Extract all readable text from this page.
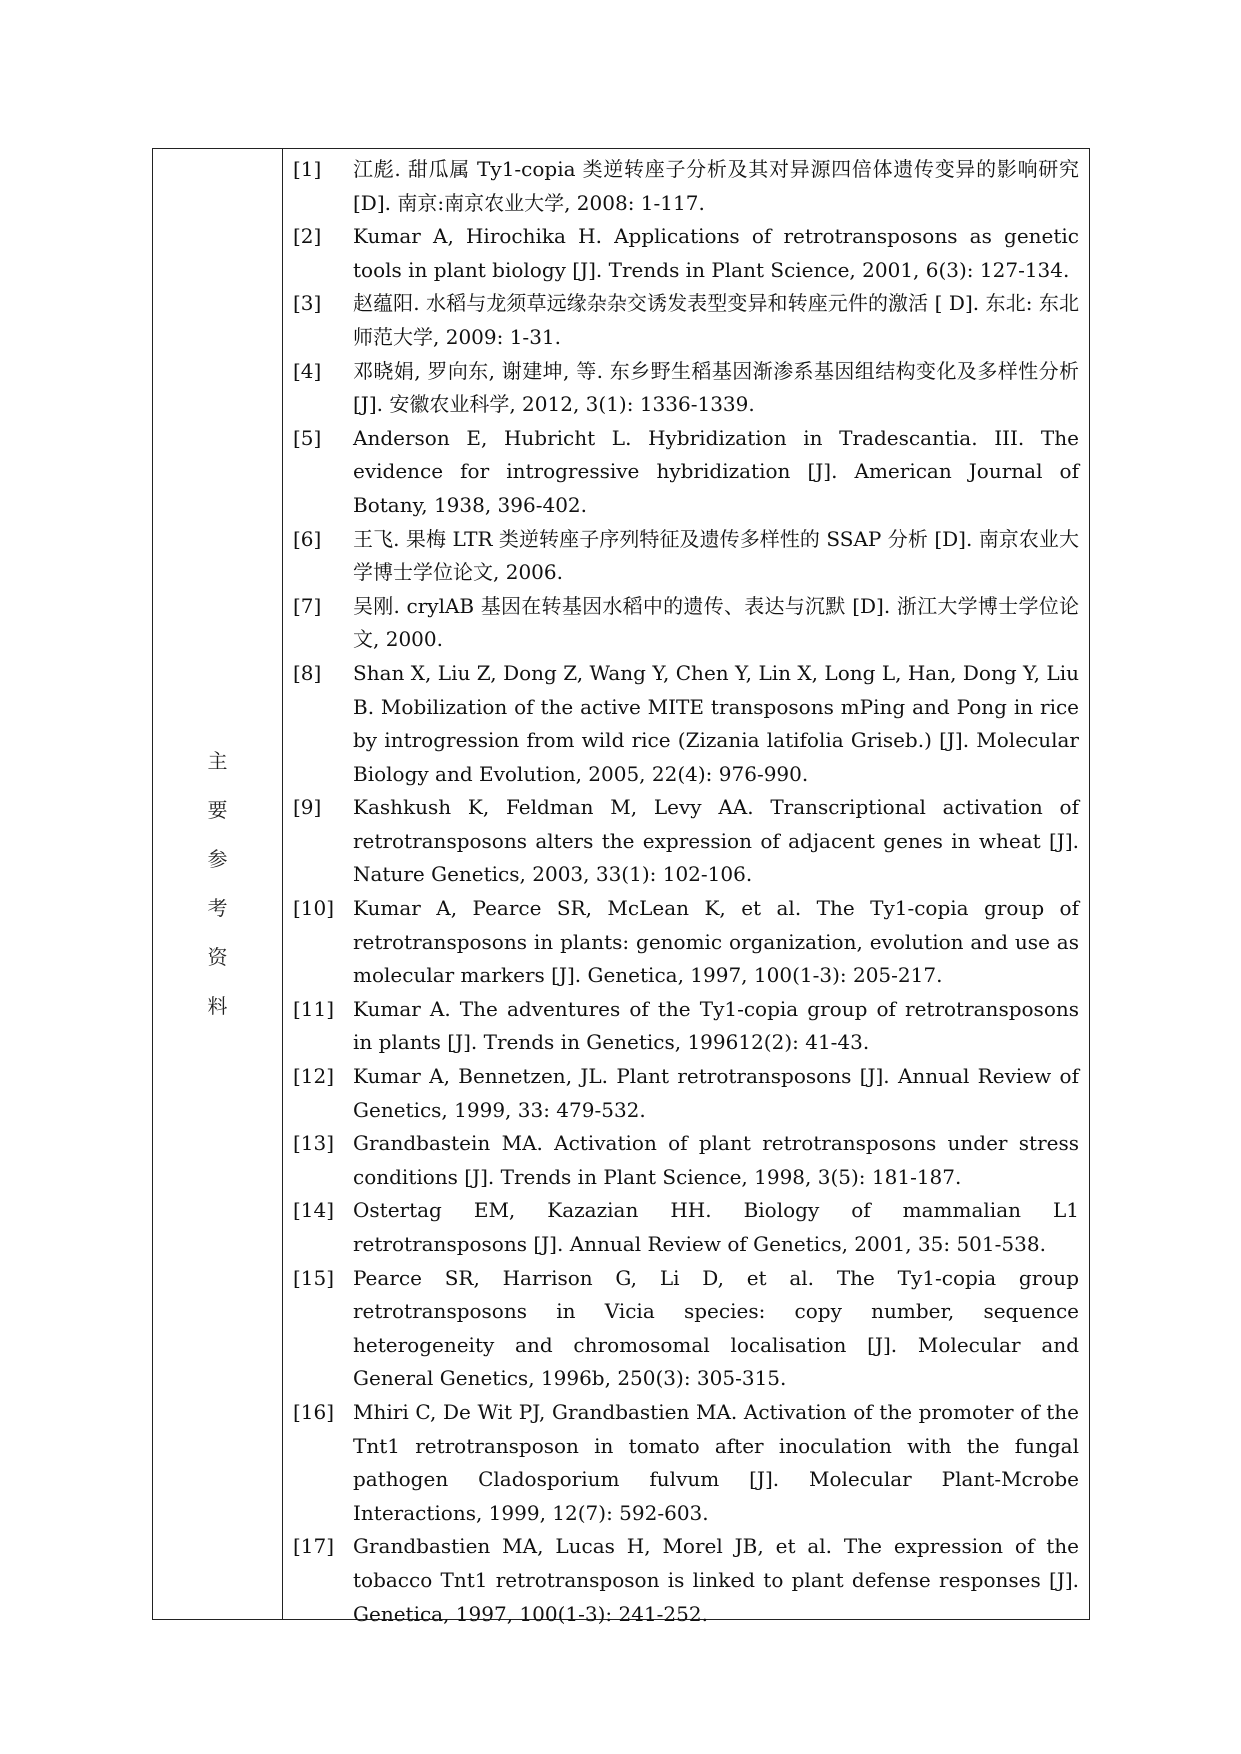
主
要
参
考
资
料
[1]	江彪. 甜瓜属 Ty1-copia 类逆转座子分析及其对异源四倍体遗传变异的影响研究 [D]. 南京:南京农业大学, 2008: 1-117.
[2]	Kumar A, Hirochika H. Applications of retrotransposons as genetic tools in plant biology [J]. Trends in Plant Science, 2001, 6(3): 127-134.
[3]	赵蕴阳. 水稻与龙须草远缘杂杂交诱发表型变异和转座元件的激活 [ D]. 东北: 东北师范大学, 2009: 1-31.
[4]	邓晓娟, 罗向东, 谢建坤, 等. 东乡野生稻基因渐渗系基因组结构变化及多样性分析 [J]. 安徽农业科学, 2012, 3(1): 1336-1339.
[5]	Anderson E, Hubricht L. Hybridization in Tradescantia. III. The evidence for introgressive hybridization [J]. American Journal of Botany, 1938, 396-402.
[6]	王飞. 果梅 LTR 类逆转座子序列特征及遗传多样性的 SSAP 分析 [D]. 南京农业大学博士学位论文, 2006.
[7]	吴刚. crylAB 基因在转基因水稻中的遗传、表达与沉默 [D]. 浙江大学博士学位论文, 2000.
[8]	Shan X, Liu Z, Dong Z, Wang Y, Chen Y, Lin X, Long L, Han, Dong Y, Liu B. Mobilization of the active MITE transposons mPing and Pong in rice by introgression from wild rice (Zizania latifolia Griseb.) [J]. Molecular Biology and Evolution, 2005, 22(4): 976-990.
[9]	Kashkush K, Feldman M, Levy AA. Transcriptional activation of retrotransposons alters the expression of adjacent genes in wheat [J]. Nature Genetics, 2003, 33(1): 102-106.
[10] Kumar A, Pearce SR, McLean K, et al. The Ty1-copia group of retrotransposons in plants: genomic organization, evolution and use as molecular markers [J]. Genetica, 1997, 100(1-3): 205-217.
[11] Kumar A. The adventures of the Ty1-copia group of retrotransposons in plants [J]. Trends in Genetics, 199612(2): 41-43.
[12] Kumar A, Bennetzen, JL. Plant retrotransposons [J]. Annual Review of Genetics, 1999, 33: 479-532.
[13] Grandbastein MA. Activation of plant retrotransposons under stress conditions [J]. Trends in Plant Science, 1998, 3(5): 181-187.
[14] Ostertag EM, Kazazian HH. Biology of mammalian L1 retrotransposons [J]. Annual Review of Genetics, 2001, 35: 501-538.
[15] Pearce SR, Harrison G, Li D, et al. The Ty1-copia group retrotransposons in Vicia species: copy number, sequence heterogeneity and chromosomal localisation [J]. Molecular and General Genetics, 1996b, 250(3): 305-315.
[16] Mhiri C, De Wit PJ, Grandbastien MA. Activation of the promoter of the Tnt1 retrotransposon in tomato after inoculation with the fungal pathogen Cladosporium fulvum [J]. Molecular Plant-Mcrobe Interactions, 1999, 12(7): 592-603.
[17] Grandbastien MA, Lucas H, Morel JB, et al. The expression of the tobacco Tnt1 retrotransposon is linked to plant defense responses [J]. Genetica, 1997, 100(1-3): 241-252.
